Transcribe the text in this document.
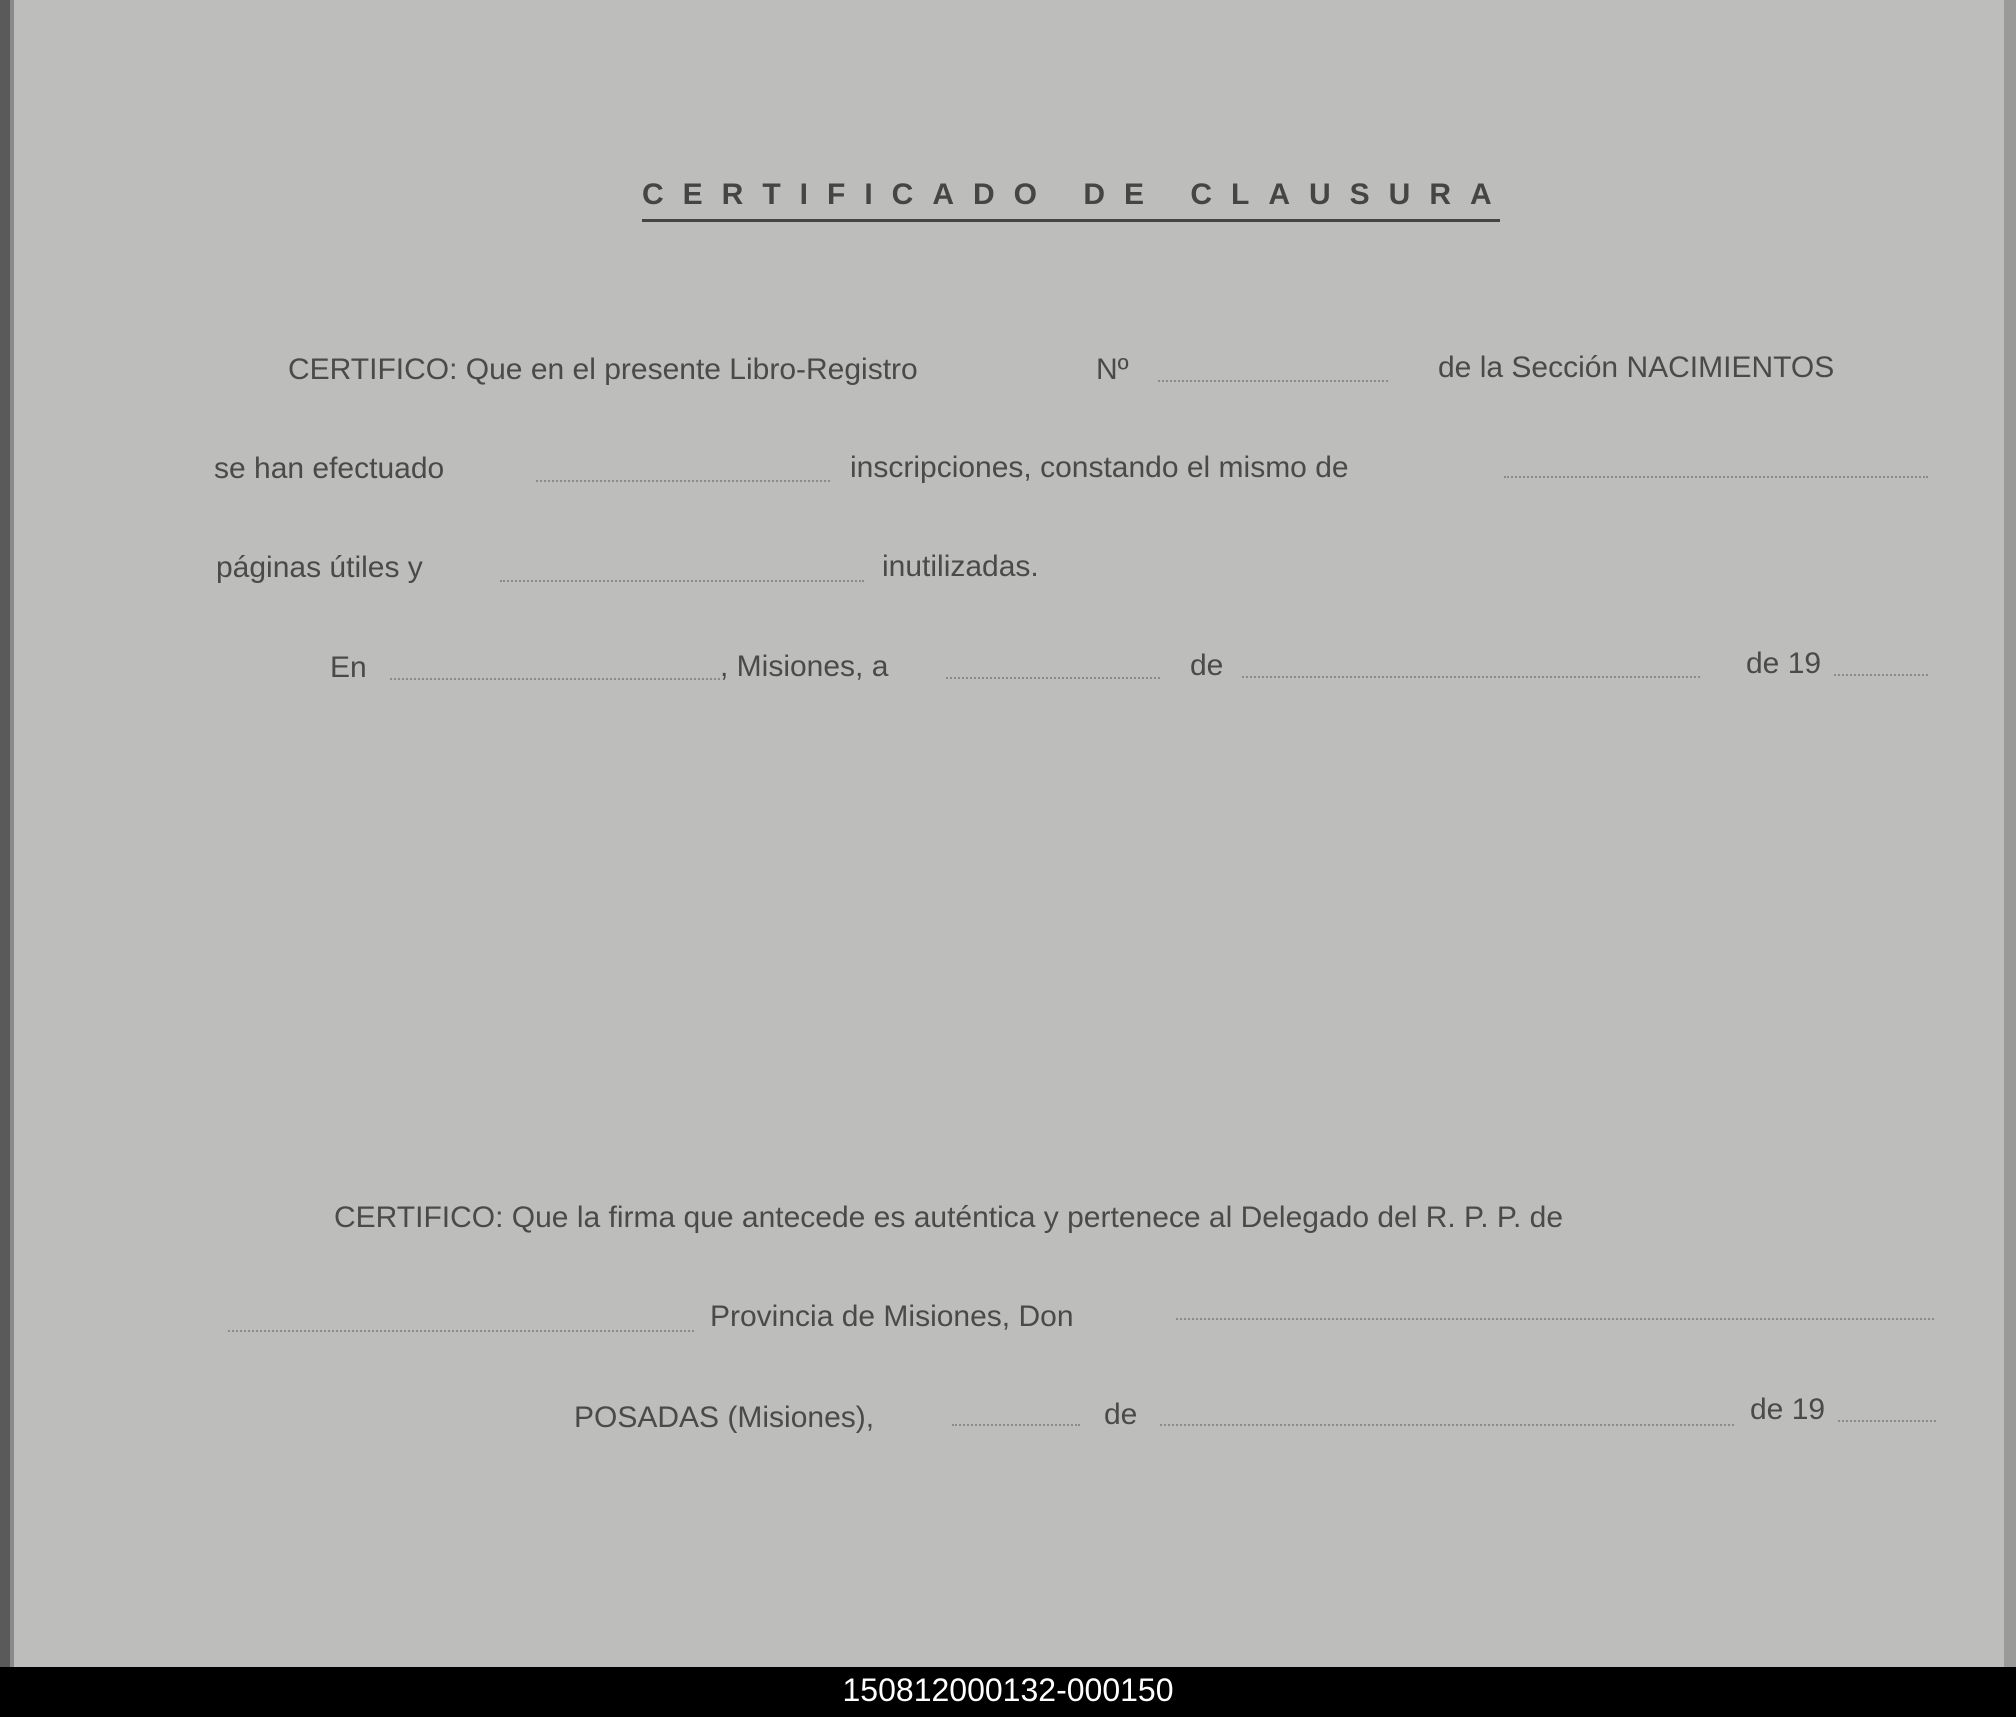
CERTIFICADO DE CLAUSURA
CERTIFICO: Que en el presente Libro-Registro	Nº	de la Sección NACIMIENTOS
se han efectuado	inscripciones, constando el mismo de
páginas útiles y	inutilizadas.
En	, Misiones, a	de	de 19
CERTIFICO: Que la firma que antecede es auténtica y pertenece al Delegado del R. P. P. de
Provincia de Misiones, Don
POSADAS (Misiones),	de	de 19
150812000132-000150
